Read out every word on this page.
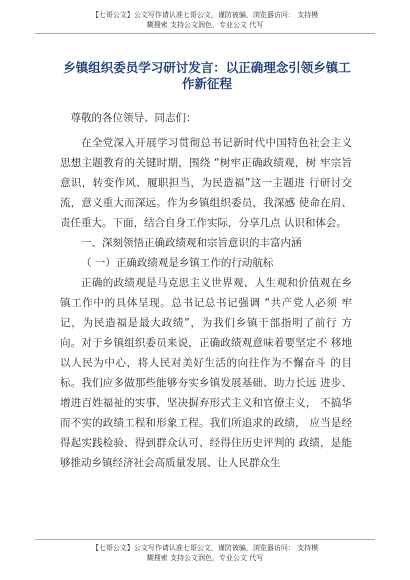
【七哥公文】公文写作请认准七哥公文，谨防被骗，浏览器访问： 支持模
糊搜索 支持公文润色，专业公文 代写
乡镇组织委员学习研讨发言：以正确理念引领乡镇工作新征程

尊敬的各位领导、同志们：

在全党深入开展学习贯彻总书记新时代中国特色社会主义思想主题教育的关键时期，围绕 “树牢正确政绩观，树 牢宗旨意识，转变作风、履职担当，为民造福”这一主题进 行研讨交流，意义重大而深远。作为乡镇组织委员，我深感 使命在肩、责任重大。下面，结合自身工作实际，分享几点 认识和体会。

一、深刻领悟正确政绩观和宗旨意识的丰富内涵

（ 一）正确政绩观是乡镇工作的行动航标

正确的政绩观是马克思主义世界观、人生观和价值观在乡镇工作中的具体呈现。总书记总书记强调 “共产党人必须 牢记，为民造福是最大政绩”，为我们乡镇干部指明了前行 方向。对于乡镇组织委员来说，正确政绩观意味着要坚定不 移地以人民为中心，将人民对美好生活的向往作为不懈奋斗 的目标。我们应多做那些能够夯实乡镇发展基础、助力长远 进步、增进百姓福祉的实事，坚决摒弃形式主义和官僚主义， 不搞华而不实的政绩工程和形象工程。我们所追求的政绩， 应当是经得起实践检验、得到群众认可、经得住历史评判的 政绩，是能够推动乡镇经济社会高质量发展、让人民群众生

【七哥公文】公文写作请认准七哥公文，谨防被骗，浏览器访问： 支持模
糊搜索 支持公文润色，专业公文 代写
